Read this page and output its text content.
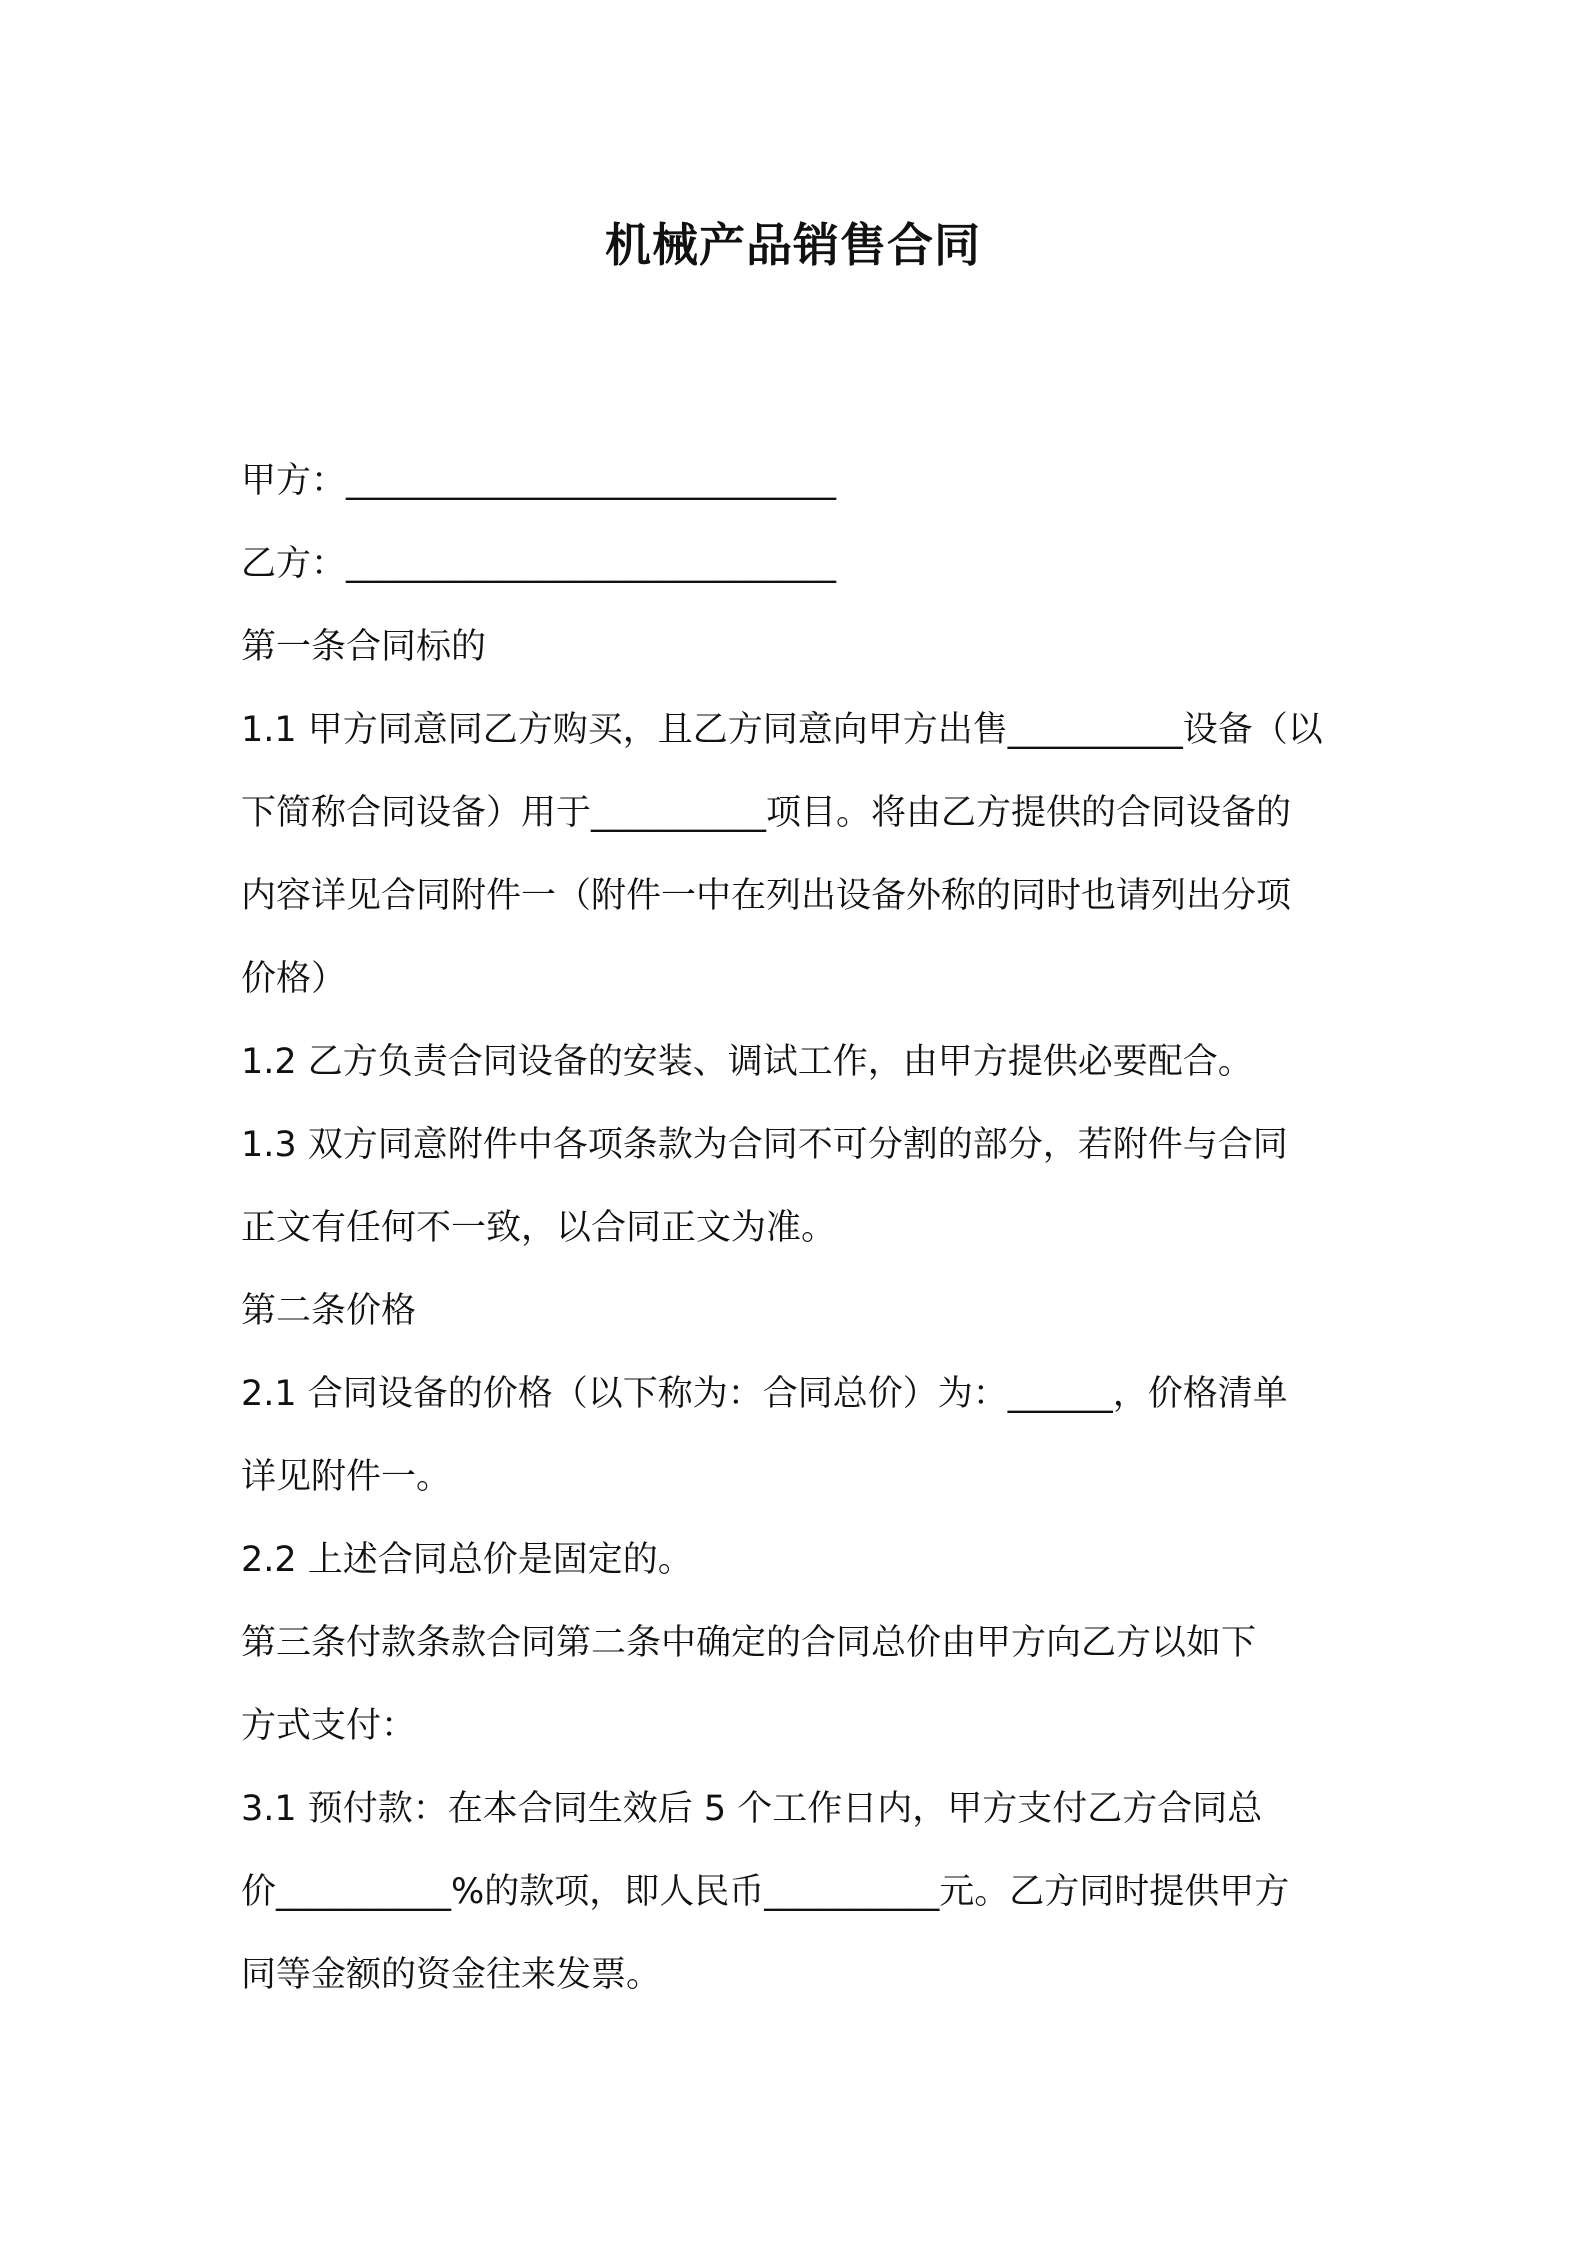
机械产品销售合同
甲方：____________________________
乙方：____________________________
第一条合同标的
1.1 甲方同意同乙方购买，且乙方同意向甲方出售__________设备（以
下简称合同设备）用于__________项目。将由乙方提供的合同设备的
内容详见合同附件一（附件一中在列出设备外称的同时也请列出分项
价格）
1.2 乙方负责合同设备的安装、调试工作，由甲方提供必要配合。
1.3 双方同意附件中各项条款为合同不可分割的部分，若附件与合同
正文有任何不一致，以合同正文为准。
第二条价格
2.1 合同设备的价格（以下称为：合同总价）为：______，价格清单
详见附件一。
2.2 上述合同总价是固定的。
第三条付款条款合同第二条中确定的合同总价由甲方向乙方以如下
方式支付：
3.1 预付款：在本合同生效后 5 个工作日内，甲方支付乙方合同总
价__________%的款项，即人民币__________元。乙方同时提供甲方
同等金额的资金往来发票。
